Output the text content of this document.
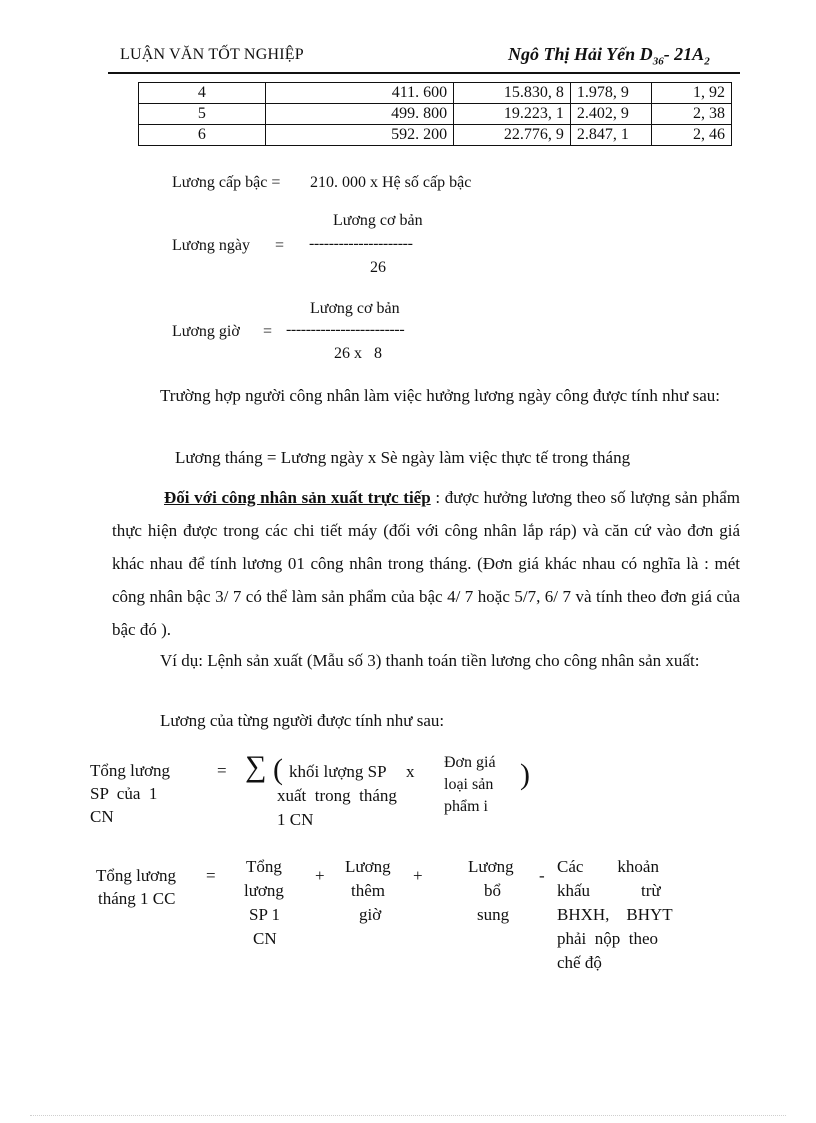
LUẬN VĂN TỐT NGHIỆP	Ngô Thị Hải Yến $D_{36}-$ $21A_2$
4	411. 600	15.830, 8	1.978, 9	1, 92
5	499. 800	19.223, 1	2.402, 9	2, 38
6	592. 200	22.776, 9	2.847, 1	2, 46
Lương cấp bậc = 210. 000 x Hệ số cấp bậc
Lương cơ bản
Lương ngày = ---------------------
26
Lương cơ bản
Lương giờ = ------------------------
26 x   8
Trường hợp người công nhân làm việc hưởng lương ngày công được tính như sau:
Lương tháng = Lương ngày x Sè ngày làm việc thực tế trong tháng
Đối với công nhân sản xuất trực tiếp : được hưởng lương theo số lượng sản phẩm thực hiện được trong các chi tiết máy (đối với công nhân lắp ráp) và căn cứ vào đơn giá khác nhau để tính lương 01 công nhân trong tháng. (Đơn giá khác nhau có nghĩa là : mét công nhân bậc 3/ 7 có thể làm sản phẩm của bậc 4/ 7 hoặc 5/7, 6/ 7 và tính theo đơn giá của bậc đó ).
Ví dụ: Lệnh sản xuất (Mẫu số 3) thanh toán tiền lương cho công nhân sản xuất:
Lương của từng người được tính như sau:
Tổng lương
SP  của  1
CN
= ∑ ( khối lượng SP
xuất  trong  tháng
1 CN
x Đơn giá
loại sản
phẩm i
)
Tổng lương
tháng 1 CC
= Tổng
lương
SP 1
CN
+ Lương
thêm
giờ
+	Lương
bổ
sung
- Các        khoản
khấu            trừ
BHXH,    BHYT
phải  nộp  theo
chế độ
